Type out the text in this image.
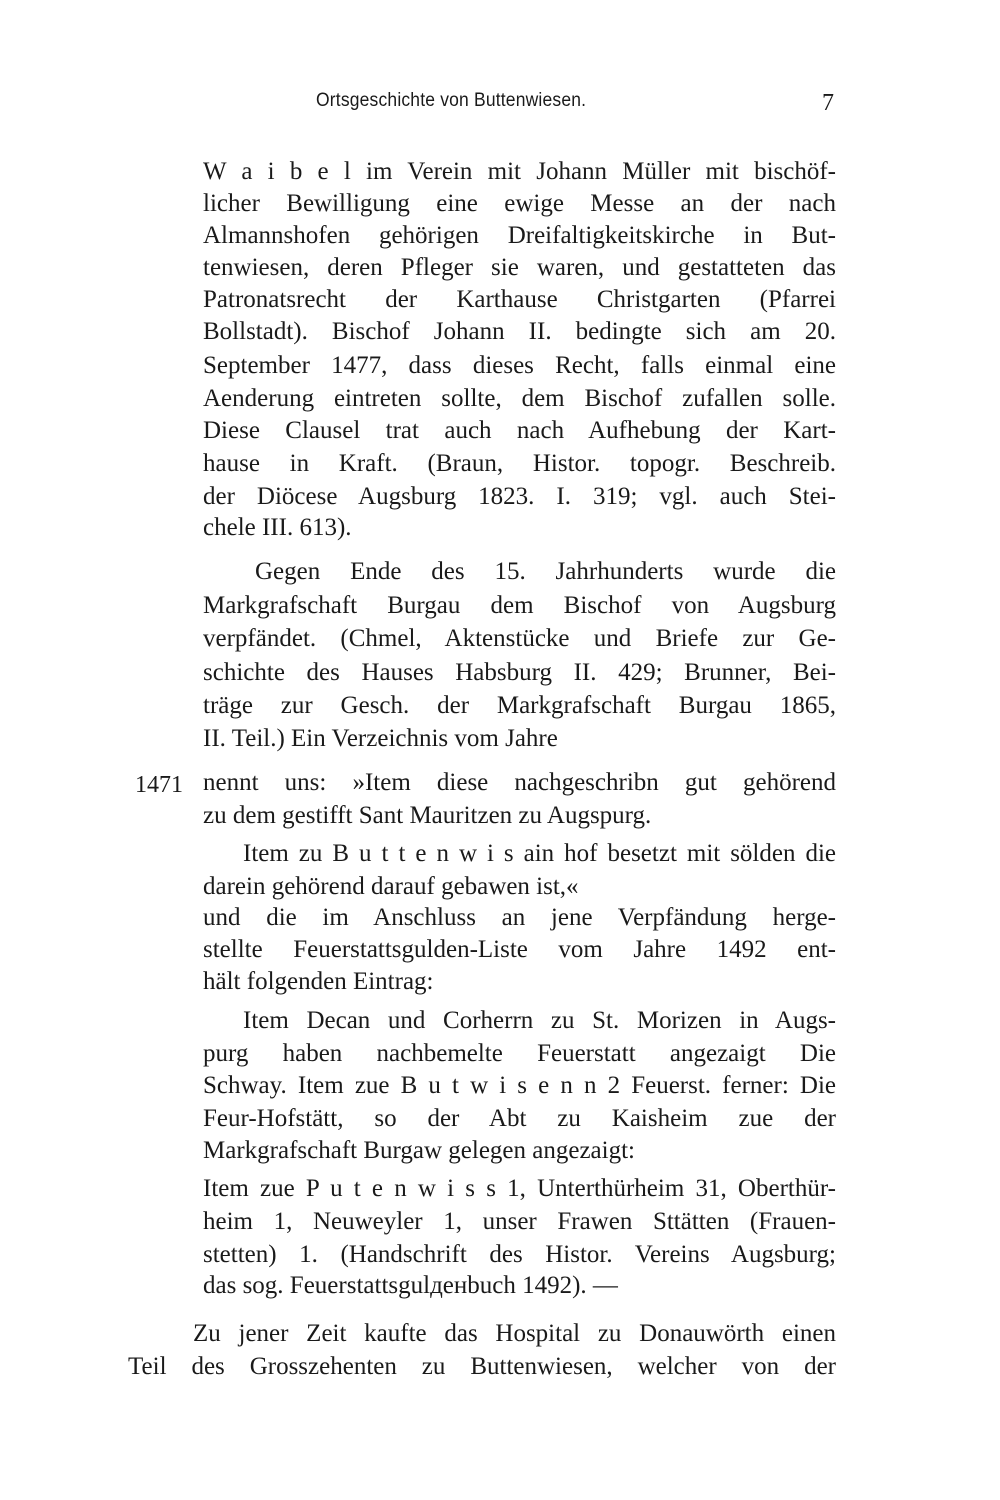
Ortsgeschichte von Buttenwiesen.	7
W a i b e l im Verein mit Johann Müller mit bischöf-
licher Bewilligung eine ewige Messe an der nach
Almannshofen gehörigen Dreifaltigkeitskirche in But-
tenwiesen, deren Pfleger sie waren, und gestatteten das
Patronatsrecht der Karthause Christgarten (Pfarrei
Bollstadt). Bischof Johann II. bedingte sich am 20.
September 1477, dass dieses Recht, falls einmal eine
Aenderung eintreten sollte, dem Bischof zufallen solle.
Diese Clausel trat auch nach Aufhebung der Kart-
hause in Kraft. (Braun, Histor. topogr. Beschreib.
der Diöcese Augsburg 1823. I. 319; vgl. auch Stei-
chele III. 613).
Gegen Ende des 15. Jahrhunderts wurde die
Markgrafschaft Burgau dem Bischof von Augsburg
verpfändet. (Chmel, Aktenstücke und Briefe zur Ge-
schichte des Hauses Habsburg II. 429; Brunner, Bei-
träge zur Gesch. der Markgrafschaft Burgau 1865,
II. Teil.) Ein Verzeichnis vom Jahre
1471 nennt uns: »Item diese nachgeschribn gut gehörend
zu dem gestifft Sant Mauritzen zu Augspurg.
Item zu B u t t e n w i s ain hof besetzt mit sölden die
darein gehörend darauf gebawen ist,«
und die im Anschluss an jene Verpfändung herge-
stellte Feuerstattsgulden-Liste vom Jahre 1492 ent-
hält folgenden Eintrag:
Item Decan und Corherrn zu St. Morizen in Augs-
purg haben nachbemelte Feuerstatt angezaigt Die
Schway. Item zue B u t w i s e n n 2 Feuerst. ferner: Die
Feur-Hofstätt, so der Abt zu Kaisheim zue der
Markgrafschaft Burgaw gelegen angezaigt:
Item zue P u t e n w i s s 1, Unterthürheim 31, Oberthür-
heim 1, Neuweyler 1, unser Frawen Sttätten (Frauen-
stetten) 1. (Handschrift des Histor. Vereins Augsburg;
das sog. Feuerstattsgulденbuch 1492). —
Zu jener Zeit kaufte das Hospital zu Donauwörth einen
Teil des Grosszehenten zu Buttenwiesen, welcher von der
